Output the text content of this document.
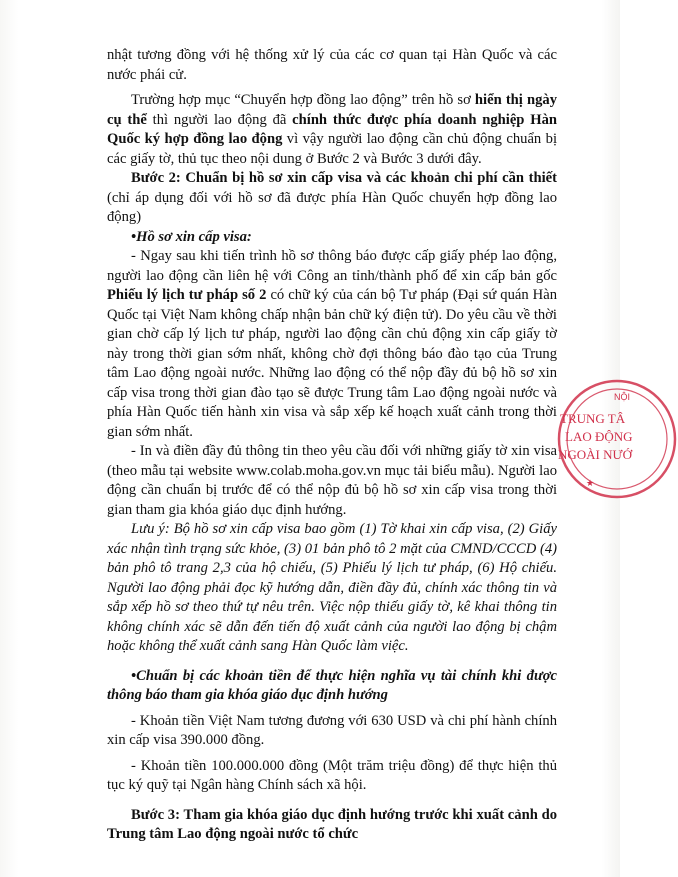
nhật tương đồng với hệ thống xử lý của các cơ quan tại Hàn Quốc và các nước phái cử.

Trường hợp mục “Chuyển hợp đồng lao động” trên hồ sơ hiển thị ngày cụ thể thì người lao động đã chính thức được phía doanh nghiệp Hàn Quốc ký hợp đồng lao động vì vậy người lao động cần chủ động chuẩn bị các giấy tờ, thủ tục theo nội dung ở Bước 2 và Bước 3 dưới đây.

Bước 2: Chuẩn bị hồ sơ xin cấp visa và các khoản chi phí cần thiết (chỉ áp dụng đối với hồ sơ đã được phía Hàn Quốc chuyển hợp đồng lao động)

•Hồ sơ xin cấp visa:

- Ngay sau khi tiến trình hồ sơ thông báo được cấp giấy phép lao động, người lao động cần liên hệ với Công an tỉnh/thành phố để xin cấp bản gốc Phiếu lý lịch tư pháp số 2 có chữ ký của cán bộ Tư pháp (Đại sứ quán Hàn Quốc tại Việt Nam không chấp nhận bản chữ ký điện tử). Do yêu cầu về thời gian chờ cấp lý lịch tư pháp, người lao động cần chủ động xin cấp giấy tờ này trong thời gian sớm nhất, không chờ đợi thông báo đào tạo của Trung tâm Lao động ngoài nước. Những lao động có thể nộp đầy đủ bộ hồ sơ xin cấp visa trong thời gian đào tạo sẽ được Trung tâm Lao động ngoài nước và phía Hàn Quốc tiến hành xin visa và sắp xếp kế hoạch xuất cảnh trong thời gian sớm nhất.

- In và điền đầy đủ thông tin theo yêu cầu đối với những giấy tờ xin visa (theo mẫu tại website www.colab.moha.gov.vn mục tải biểu mẫu). Người lao động cần chuẩn bị trước để có thể nộp đủ bộ hồ sơ xin cấp visa trong thời gian tham gia khóa giáo dục định hướng.

Lưu ý: Bộ hồ sơ xin cấp visa bao gồm (1) Tờ khai xin cấp visa, (2) Giấy xác nhận tình trạng sức khỏe, (3) 01 bản phô tô 2 mặt của CMND/CCCD (4) bản phô tô trang 2,3 của hộ chiếu, (5) Phiếu lý lịch tư pháp, (6) Hộ chiếu. Người lao động phải đọc kỹ hướng dẫn, điền đầy đủ, chính xác thông tin và sắp xếp hồ sơ theo thứ tự nêu trên. Việc nộp thiếu giấy tờ, kê khai thông tin không chính xác sẽ dẫn đến tiến độ xuất cảnh của người lao động bị chậm hoặc không thể xuất cảnh sang Hàn Quốc làm việc.

•Chuẩn bị các khoản tiền để thực hiện nghĩa vụ tài chính khi được thông báo tham gia khóa giáo dục định hướng

- Khoản tiền Việt Nam tương đương với 630 USD và chi phí hành chính xin cấp visa 390.000 đồng.

- Khoản tiền 100.000.000 đồng (Một trăm triệu đồng) để thực hiện thủ tục ký quỹ tại Ngân hàng Chính sách xã hội.

Bước 3: Tham gia khóa giáo dục định hướng trước khi xuất cảnh do Trung tâm Lao động ngoài nước tổ chức

NỘI
TRUNG TÂ
LAO ĐỘNG
NGOÀI NƯỚ
★
